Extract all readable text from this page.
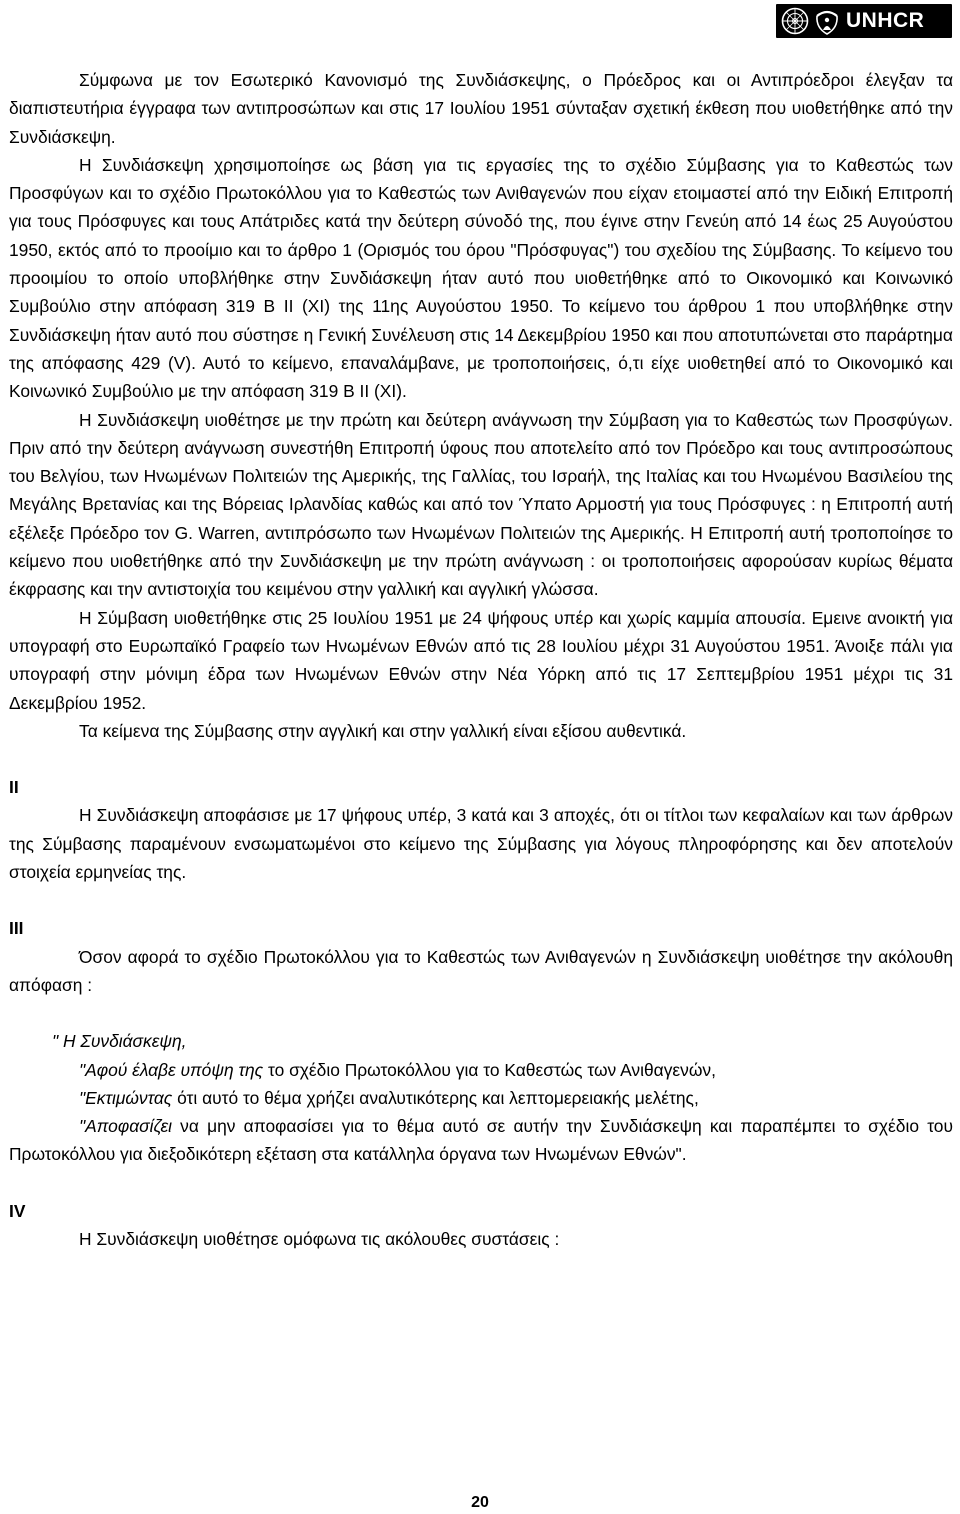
UNHCR

Σύμφωνα με τον Εσωτερικό Κανονισμό της Συνδιάσκεψης, ο Πρόεδρος και οι Αντιπρόεδροι έλεγξαν τα διαπιστευτήρια έγγραφα των αντιπροσώπων και στις 17 Ιουλίου 1951 σύνταξαν σχετική έκθεση που υιοθετήθηκε από την Συνδιάσκεψη.

Η Συνδιάσκεψη χρησιμοποίησε ως βάση για τις εργασίες της το σχέδιο Σύμβασης για το Καθεστώς των Προσφύγων και το σχέδιο Πρωτοκόλλου για το Καθεστώς των Ανιθαγενών που είχαν ετοιμαστεί από την Ειδική Επιτροπή για τους Πρόσφυγες και τους Απάτριδες κατά την δεύτερη σύνοδό της, που έγινε στην Γενεύη από 14 έως 25 Αυγούστου 1950, εκτός από το προοίμιο και το άρθρο 1 (Ορισμός του όρου "Πρόσφυγας") του σχεδίου της Σύμβασης. Το κείμενο του προοιμίου το οποίο υποβλήθηκε στην Συνδιάσκεψη ήταν αυτό που υιοθετήθηκε από το Οικονομικό και Κοινωνικό Συμβούλιο στην απόφαση 319 Β ΙΙ (ΧΙ) της 11ης Αυγούστου 1950. Το κείμενο του άρθρου 1 που υποβλήθηκε στην Συνδιάσκεψη ήταν αυτό που σύστησε η Γενική Συνέλευση στις 14 Δεκεμβρίου 1950 και που αποτυπώνεται στο παράρτημα της απόφασης 429 (V). Αυτό το κείμενο, επαναλάμβανε, με τροποποιήσεις, ό,τι είχε υιοθετηθεί από το Οικονομικό και Κοινωνικό Συμβούλιο με την απόφαση 319 Β ΙΙ (ΧΙ).

Η Συνδιάσκεψη υιοθέτησε με την πρώτη και δεύτερη ανάγνωση την Σύμβαση για το Καθεστώς των Προσφύγων. Πριν από την δεύτερη ανάγνωση συνεστήθη Επιτροπή ύφους που αποτελείτο από τον Πρόεδρο και τους αντιπροσώπους του Βελγίου, των Ηνωμένων Πολιτειών της Αμερικής, της Γαλλίας, του Ισραήλ, της Ιταλίας και του Ηνωμένου Βασιλείου της Μεγάλης Βρετανίας και της Βόρειας Ιρλανδίας καθώς και από τον Ύπατο Αρμοστή για τους Πρόσφυγες : η Επιτροπή αυτή εξέλεξε Πρόεδρο τον G. Warren, αντιπρόσωπο των Ηνωμένων Πολιτειών της Αμερικής. Η Επιτροπή αυτή τροποποίησε το κείμενο που υιοθετήθηκε από την Συνδιάσκεψη με την πρώτη ανάγνωση : οι τροποποιήσεις αφορούσαν κυρίως θέματα έκφρασης και την αντιστοιχία του κειμένου στην γαλλική και αγγλική γλώσσα.

Η Σύμβαση υιοθετήθηκε στις 25 Ιουλίου 1951 με 24 ψήφους υπέρ και χωρίς καμμία απουσία. Εμεινε ανοικτή για υπογραφή στο Ευρωπαϊκό Γραφείο των Ηνωμένων Εθνών από τις 28 Ιουλίου μέχρι 31 Αυγούστου 1951. Άνοιξε πάλι για υπογραφή στην μόνιμη έδρα των Ηνωμένων Εθνών στην Νέα Υόρκη από τις 17 Σεπτεμβρίου 1951 μέχρι τις 31 Δεκεμβρίου 1952.

Τα κείμενα της Σύμβασης στην αγγλική και στην γαλλική είναι εξίσου αυθεντικά.

II

Η Συνδιάσκεψη αποφάσισε με 17 ψήφους υπέρ, 3 κατά και 3 αποχές, ότι οι τίτλοι των κεφαλαίων και των άρθρων της Σύμβασης παραμένουν ενσωματωμένοι στο κείμενο της Σύμβασης για λόγους πληροφόρησης και δεν αποτελούν στοιχεία ερμηνείας της.

III

Όσον αφορά το σχέδιο Πρωτοκόλλου για το Καθεστώς των Ανιθαγενών η Συνδιάσκεψη υιοθέτησε την ακόλουθη απόφαση :

" Η Συνδιάσκεψη,

"Αφού έλαβε υπόψη της το σχέδιο Πρωτοκόλλου για το Καθεστώς των Ανιθαγενών,

"Εκτιμώντας ότι αυτό το θέμα χρήζει αναλυτικότερης και λεπτομερειακής μελέτης,

"Αποφασίζει να μην αποφασίσει για το θέμα αυτό σε αυτήν την Συνδιάσκεψη και παραπέμπει το σχέδιο του Πρωτοκόλλου για διεξοδικότερη εξέταση στα κατάλληλα όργανα των Ηνωμένων Εθνών".

IV

Η Συνδιάσκεψη υιοθέτησε ομόφωνα τις ακόλουθες συστάσεις :

20
